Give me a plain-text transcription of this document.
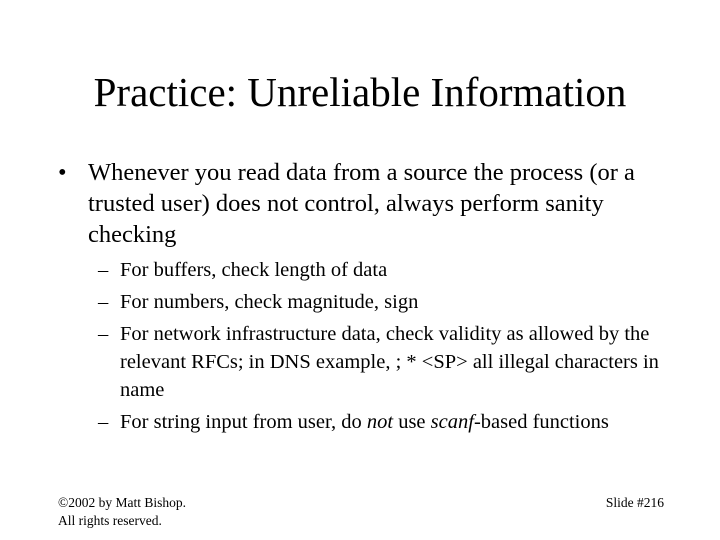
Practice: Unreliable Information
• Whenever you read data from a source the process (or a trusted user) does not control, always perform sanity checking
– For buffers, check length of data
– For numbers, check magnitude, sign
– For network infrastructure data, check validity as allowed by the relevant RFCs; in DNS example, ; * <SP> all illegal characters in name
– For string input from user, do not use scanf-based functions
©2002 by Matt Bishop.
All rights reserved.
Slide #216
